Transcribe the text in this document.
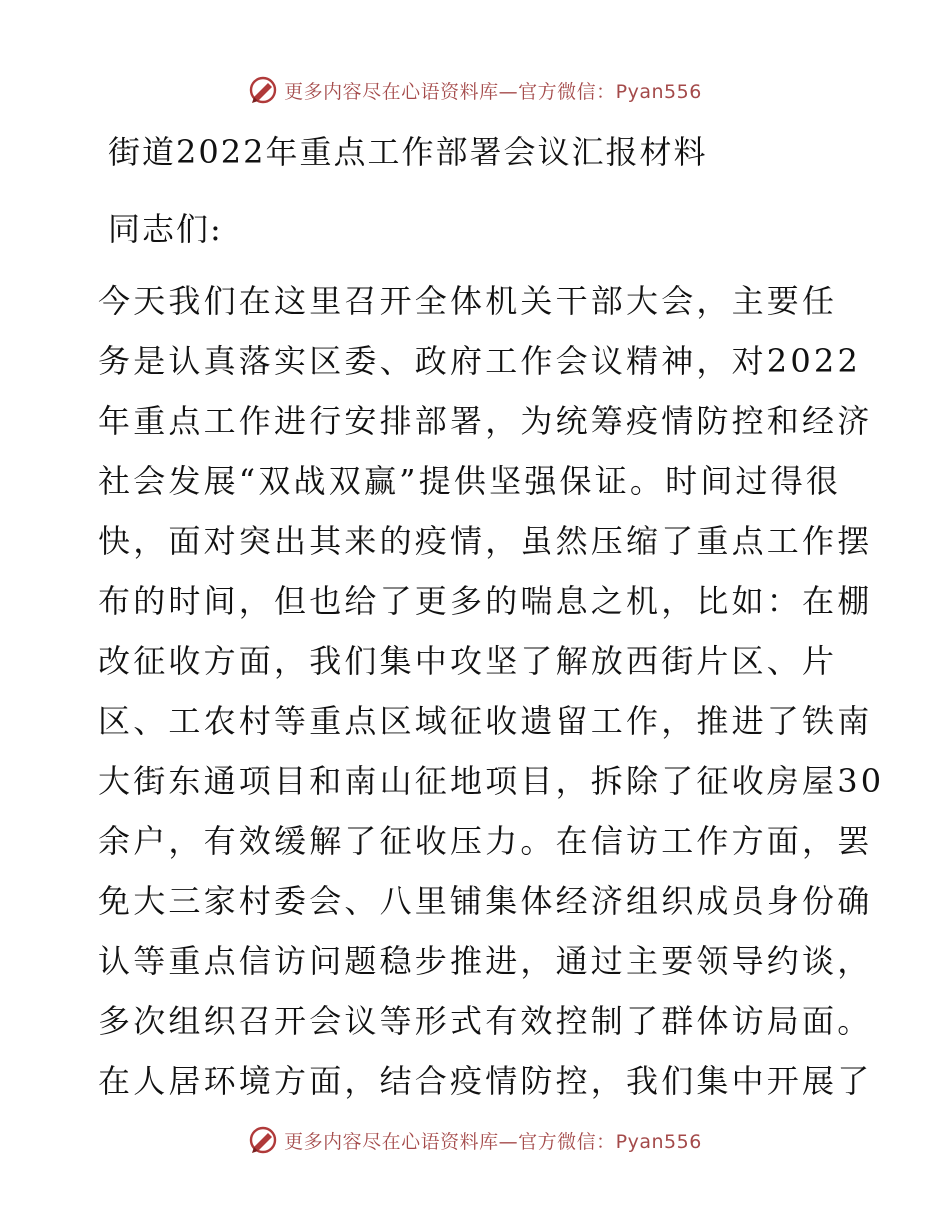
更多内容尽在心语资料库—官方微信：Pyan556
街道2022年重点工作部署会议汇报材料
同志们:
今天我们在这里召开全体机关干部大会，主要任
务是认真落实区委、政府工作会议精神，对2022
年重点工作进行安排部署，为统筹疫情防控和经济
社会发展“双战双赢”提供坚强保证。时间过得很
快，面对突出其来的疫情，虽然压缩了重点工作摆
布的时间，但也给了更多的喘息之机，比如：在棚
改征收方面，我们集中攻坚了解放西街片区、片
区、工农村等重点区域征收遗留工作，推进了铁南
大街东通项目和南山征地项目，拆除了征收房屋30
余户，有效缓解了征收压力。在信访工作方面，罢
免大三家村委会、八里铺集体经济组织成员身份确
认等重点信访问题稳步推进，通过主要领导约谈，
多次组织召开会议等形式有效控制了群体访局面。
在人居环境方面，结合疫情防控，我们集中开展了
更多内容尽在心语资料库—官方微信：Pyan556
